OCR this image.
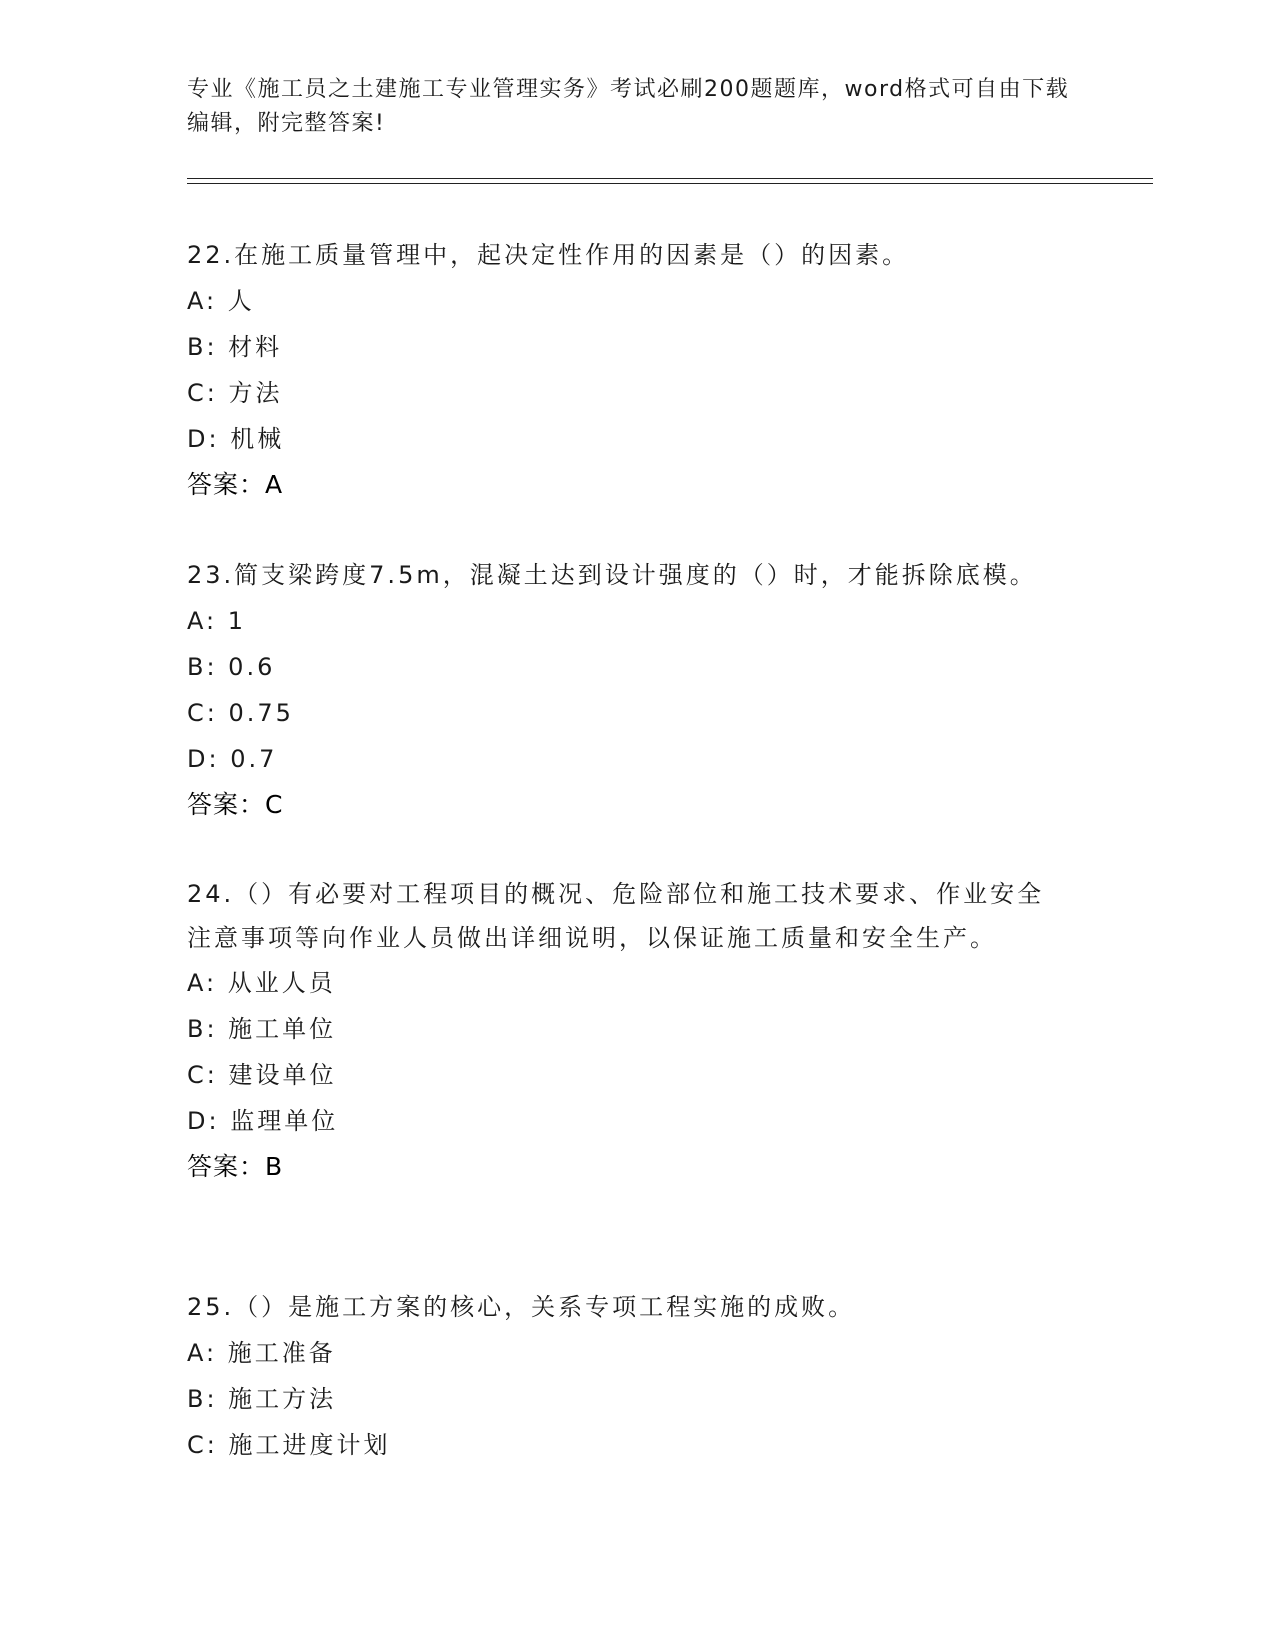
专业《施工员之土建施工专业管理实务》考试必刷200题题库，word格式可自由下载编辑，附完整答案!
22.在施工质量管理中，起决定性作用的因素是（）的因素。
A: 人
B: 材料
C: 方法
D: 机械
答案：A
23.简支梁跨度7.5m，混凝土达到设计强度的（）时，才能拆除底模。
A: 1
B: 0.6
C: 0.75
D: 0.7
答案：C
24.（）有必要对工程项目的概况、危险部位和施工技术要求、作业安全注意事项等向作业人员做出详细说明，以保证施工质量和安全生产。
A: 从业人员
B: 施工单位
C: 建设单位
D: 监理单位
答案：B
25.（）是施工方案的核心，关系专项工程实施的成败。
A: 施工准备
B: 施工方法
C: 施工进度计划
